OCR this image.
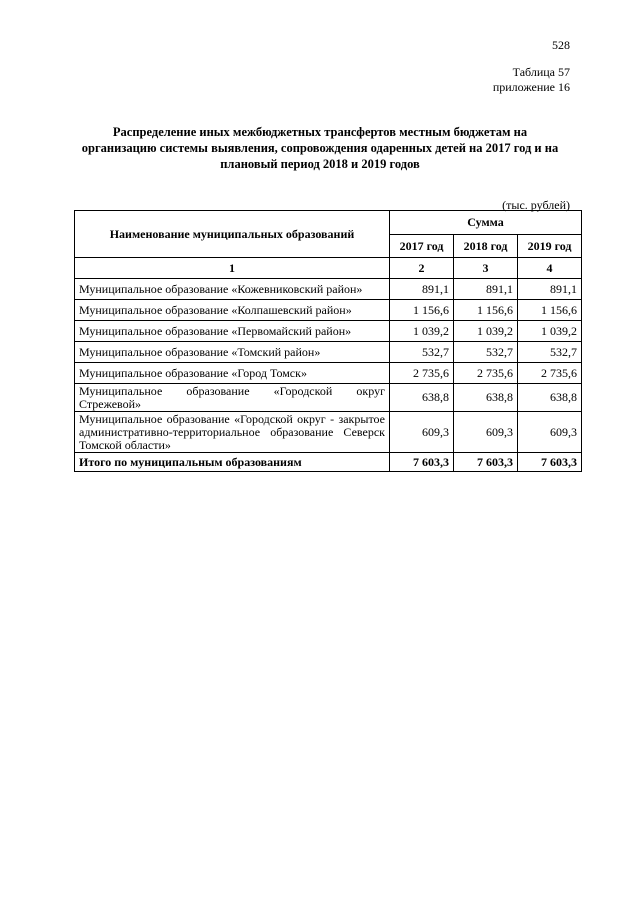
528
Таблица 57
приложение 16
Распределение иных межбюджетных трансфертов местным бюджетам на организацию системы выявления, сопровождения одаренных детей на 2017 год и на плановый период 2018 и 2019 годов
(тыс. рублей)
Наименование муниципальных образований	Сумма		
	2017 год	2018 год	2019 год
1	2	3	4
Муниципальное образование «Кожевниковский район»	891,1	891,1	891,1
Муниципальное образование «Колпашевский район»	1 156,6	1 156,6	1 156,6
Муниципальное образование «Первомайский район»	1 039,2	1 039,2	1 039,2
Муниципальное образование «Томский район»	532,7	532,7	532,7
Муниципальное образование «Город Томск»	2 735,6	2 735,6	2 735,6
Муниципальное образование «Городской округ Стрежевой»	638,8	638,8	638,8
Муниципальное образование «Городской округ - закрытое административно-территориальное образование Северск Томской области»	609,3	609,3	609,3
Итого по муниципальным образованиям	7 603,3	7 603,3	7 603,3
